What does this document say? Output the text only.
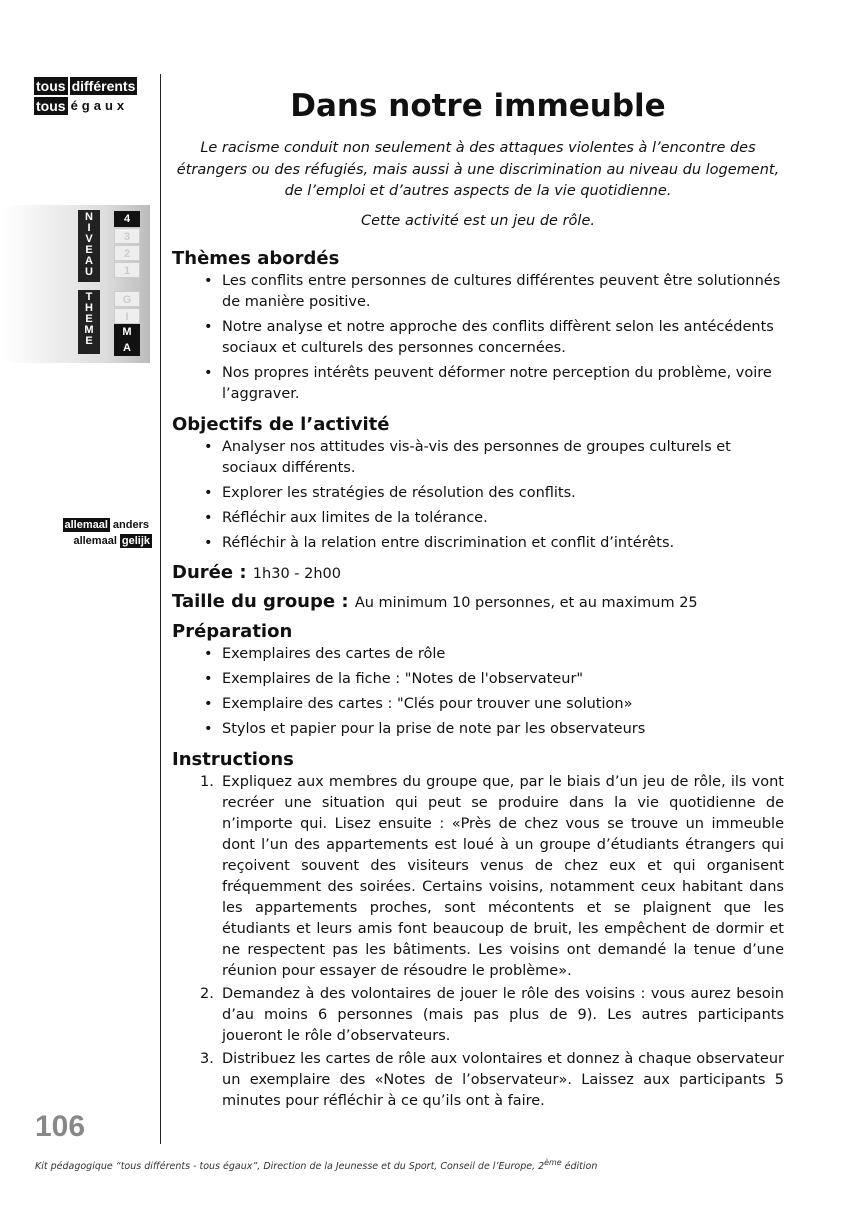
tous différents
tous égaux
N
I
V
E
A
U
4
3
2
1
T
H
E
M
E
G
I
M
A
allemaal anders
allemaal gelijk
Dans notre immeuble

Le racisme conduit non seulement à des attaques violentes à l’encontre des étrangers ou des réfugiés, mais aussi à une discrimination au niveau du logement, de l’emploi et d’autres aspects de la vie quotidienne.

Cette activité est un jeu de rôle.

Thèmes abordés
• Les conflits entre personnes de cultures différentes peuvent être solutionnés de manière positive.
• Notre analyse et notre approche des conflits diffèrent selon les antécédents sociaux et culturels des personnes concernées.
• Nos propres intérêts peuvent déformer notre perception du problème, voire l’aggraver.
Objectifs de l’activité
• Analyser nos attitudes vis-à-vis des personnes de groupes culturels et sociaux différents.
• Explorer les stratégies de résolution des conflits.
• Réfléchir aux limites de la tolérance.
• Réfléchir à la relation entre discrimination et conflit d’intérêts.
Durée : 1h30 - 2h00
Taille du groupe : Au minimum 10 personnes, et au maximum 25
Préparation
• Exemplaires des cartes de rôle
• Exemplaires de la fiche : "Notes de l'observateur"
• Exemplaire des cartes : "Clés pour trouver une solution»
• Stylos et papier pour la prise de note par les observateurs
Instructions
1. Expliquez aux membres du groupe que, par le biais d’un jeu de rôle, ils vont recréer une situation qui peut se produire dans la vie quotidienne de n’importe qui. Lisez ensuite : «Près de chez vous se trouve un immeuble dont l’un des appartements est loué à un groupe d’étudiants étrangers qui reçoivent souvent des visiteurs venus de chez eux et qui organisent fréquemment des soirées. Certains voisins, notamment ceux habitant dans les appartements proches, sont mécontents et se plaignent que les étudiants et leurs amis font beaucoup de bruit, les empêchent de dormir et ne respectent pas les bâtiments. Les voisins ont demandé la tenue d’une réunion pour essayer de résoudre le problème».
2. Demandez à des volontaires de jouer le rôle des voisins : vous aurez besoin d’au moins 6 personnes (mais pas plus de 9). Les autres participants joueront le rôle d’observateurs.
3. Distribuez les cartes de rôle aux volontaires et donnez à chaque observateur un exemplaire des «Notes de l’observateur». Laissez aux participants 5 minutes pour réfléchir à ce qu’ils ont à faire.
106
Kit pédagogique “tous différents - tous égaux”, Direction de la Jeunesse et du Sport, Conseil de l’Europe, 2ème édition
